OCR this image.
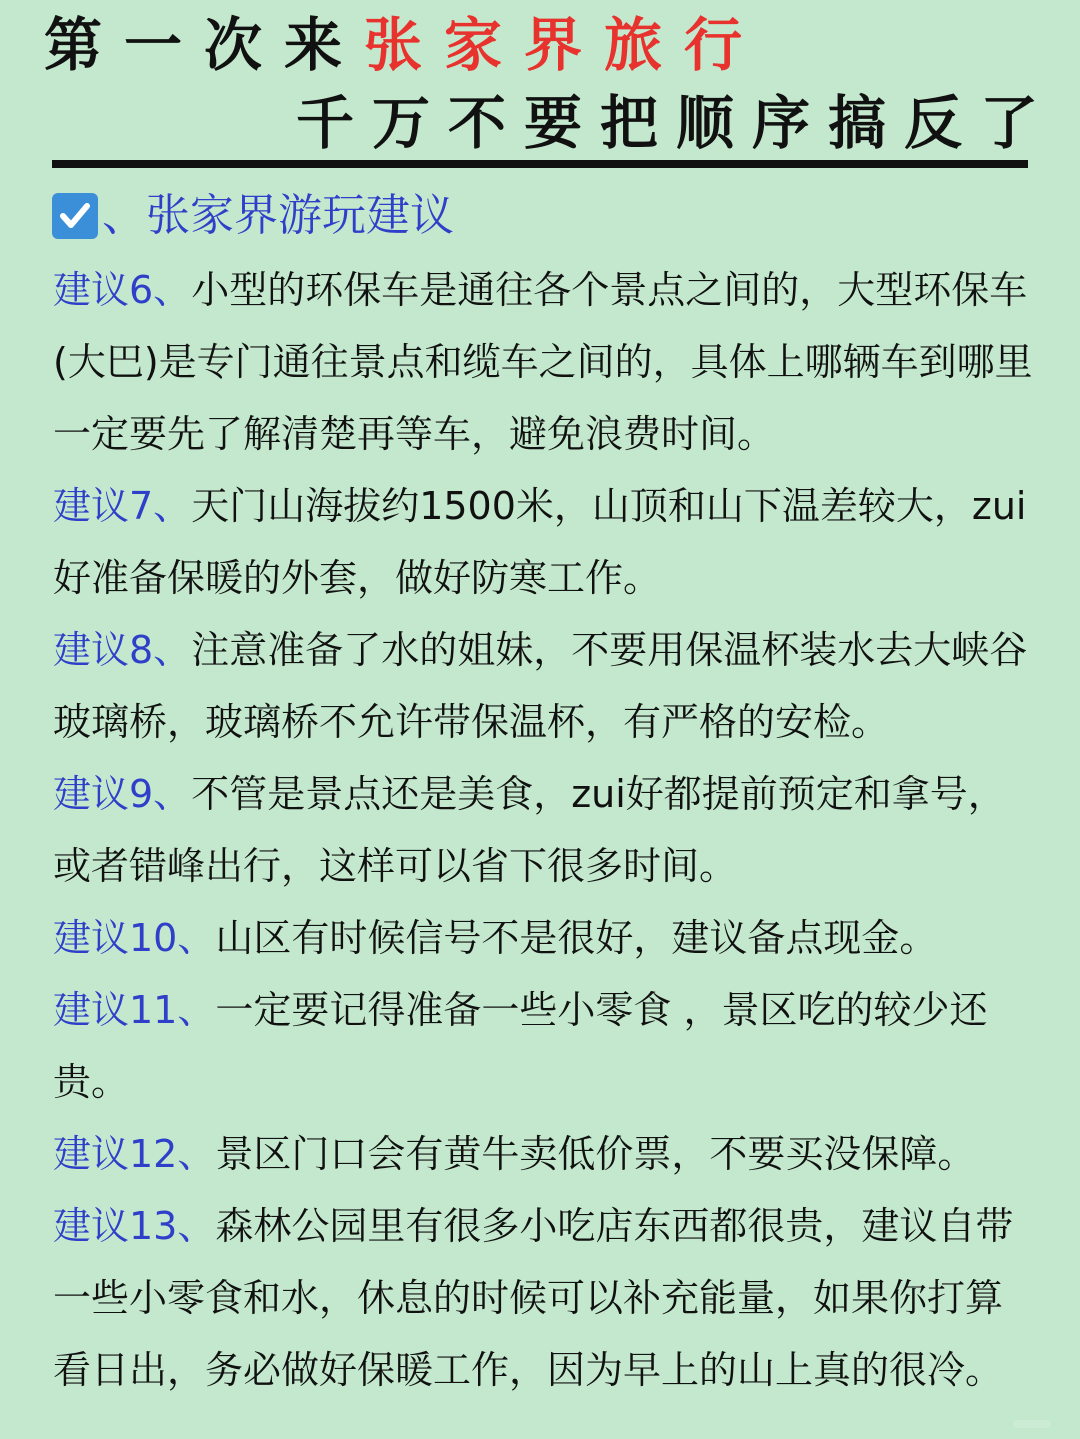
第一次来张家界旅行
千万不要把顺序搞反了
、张家界游玩建议

建议6、小型的环保车是通往各个景点之间的，大型环保车(大巴)是专门通往景点和缆车之间的，具体上哪辆车到哪里一定要先了解清楚再等车，避免浪费时间。

建议7、天门山海拔约1500米，山顶和山下温差较大，zui好准备保暖的外套，做好防寒工作。

建议8、注意准备了水的姐妹，不要用保温杯装水去大峡谷玻璃桥，玻璃桥不允许带保温杯，有严格的安检。

建议9、不管是景点还是美食，zui好都提前预定和拿号，或者错峰出行，这样可以省下很多时间。

建议10、山区有时候信号不是很好，建议备点现金。

建议11、一定要记得准备一些小零食 ，景区吃的较少还贵。

建议12、景区门口会有黄牛卖低价票，不要买没保障。

建议13、森林公园里有很多小吃店东西都很贵，建议自带一些小零食和水，休息的时候可以补充能量，如果你打算看日出，务必做好保暖工作，因为早上的山上真的很冷。
